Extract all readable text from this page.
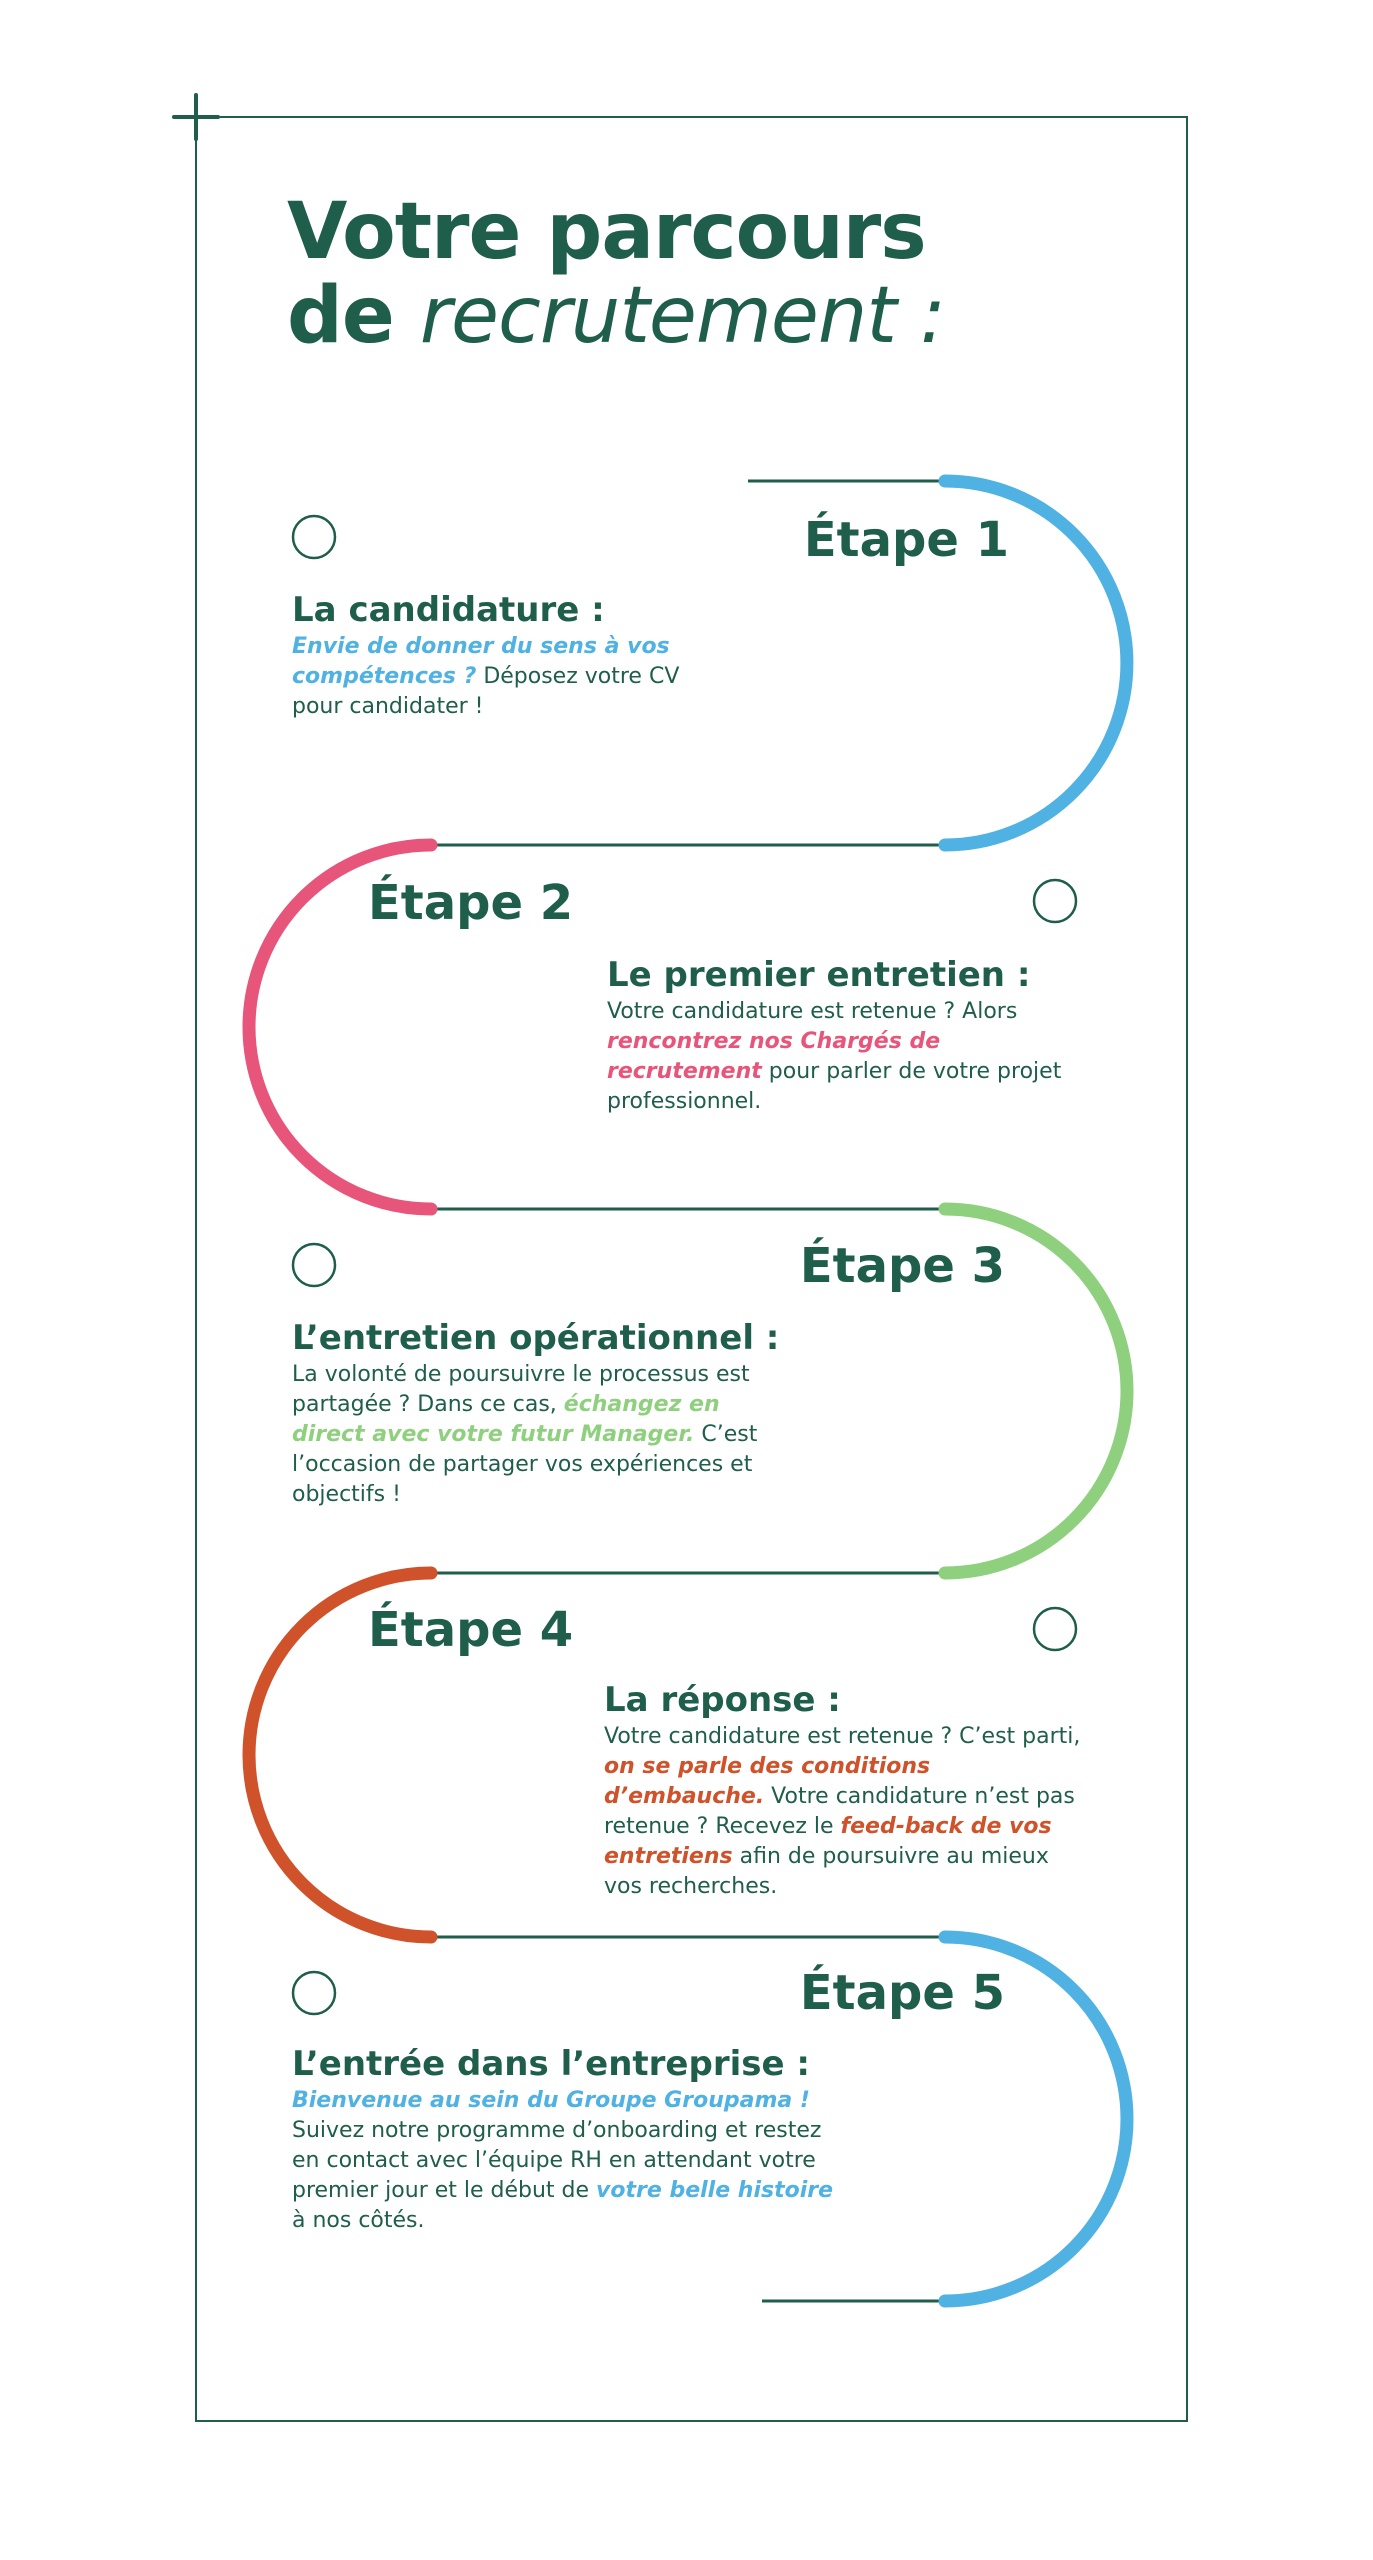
Votre parcours
de recrutement :
Étape 1

La candidature :

Envie de donner du sens à vos compétences ? Déposez votre CV pour candidater !

Étape 2

Le premier entretien :

Votre candidature est retenue ? Alors rencontrez nos Chargés de recrutement pour parler de votre projet professionnel.

Étape 3

L’entretien opérationnel :

La volonté de poursuivre le processus est partagée ? Dans ce cas, échangez en direct avec votre futur Manager. C’est l’occasion de partager vos expériences et objectifs !

Étape 4

La réponse :

Votre candidature est retenue ? C’est parti, on se parle des conditions d’embauche. Votre candidature n’est pas retenue ? Recevez le feed-back de vos entretiens afin de poursuivre au mieux vos recherches.

Étape 5

L’entrée dans l’entreprise :

Bienvenue au sein du Groupe Groupama ! Suivez notre programme d’onboarding et restez en contact avec l’équipe RH en attendant votre premier jour et le début de votre belle histoire à nos côtés.
